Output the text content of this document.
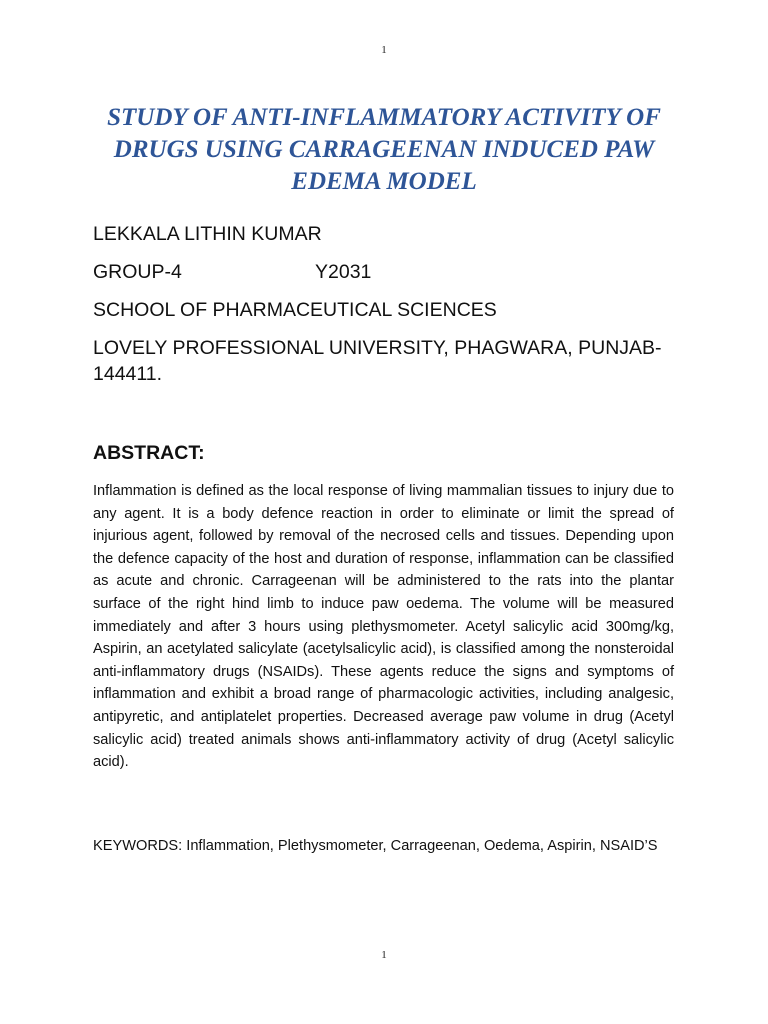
1
STUDY OF ANTI-INFLAMMATORY ACTIVITY OF
DRUGS USING CARRAGEENAN INDUCED PAW
EDEMA MODEL

LEKKALA LITHIN KUMAR

GROUP-4	Y2031

SCHOOL OF PHARMACEUTICAL SCIENCES

LOVELY PROFESSIONAL UNIVERSITY, PHAGWARA, PUNJAB-

144411.

ABSTRACT:

Inflammation is defined as the local response of living mammalian tissues to injury due to any agent. It is a body defence reaction in order to eliminate or limit the spread of injurious agent, followed by removal of the necrosed cells and tissues. Depending upon the defence capacity of the host and duration of response, inflammation can be classified as acute and chronic. Carrageenan will be administered to the rats into the plantar surface of the right hind limb to induce paw oedema. The volume will be measured immediately and after 3 hours using plethysmometer. Acetyl salicylic acid 300mg/kg, Aspirin, an acetylated salicylate (acetylsalicylic acid), is classified among the nonsteroidal anti-inflammatory drugs (NSAIDs). These agents reduce the signs and symptoms of inflammation and exhibit a broad range of pharmacologic activities, including analgesic, antipyretic, and antiplatelet properties. Decreased average paw volume in drug (Acetyl salicylic acid) treated animals shows anti-inflammatory activity of drug (Acetyl salicylic acid).

KEYWORDS: Inflammation, Plethysmometer, Carrageenan, Oedema, Aspirin, NSAID’S

1
